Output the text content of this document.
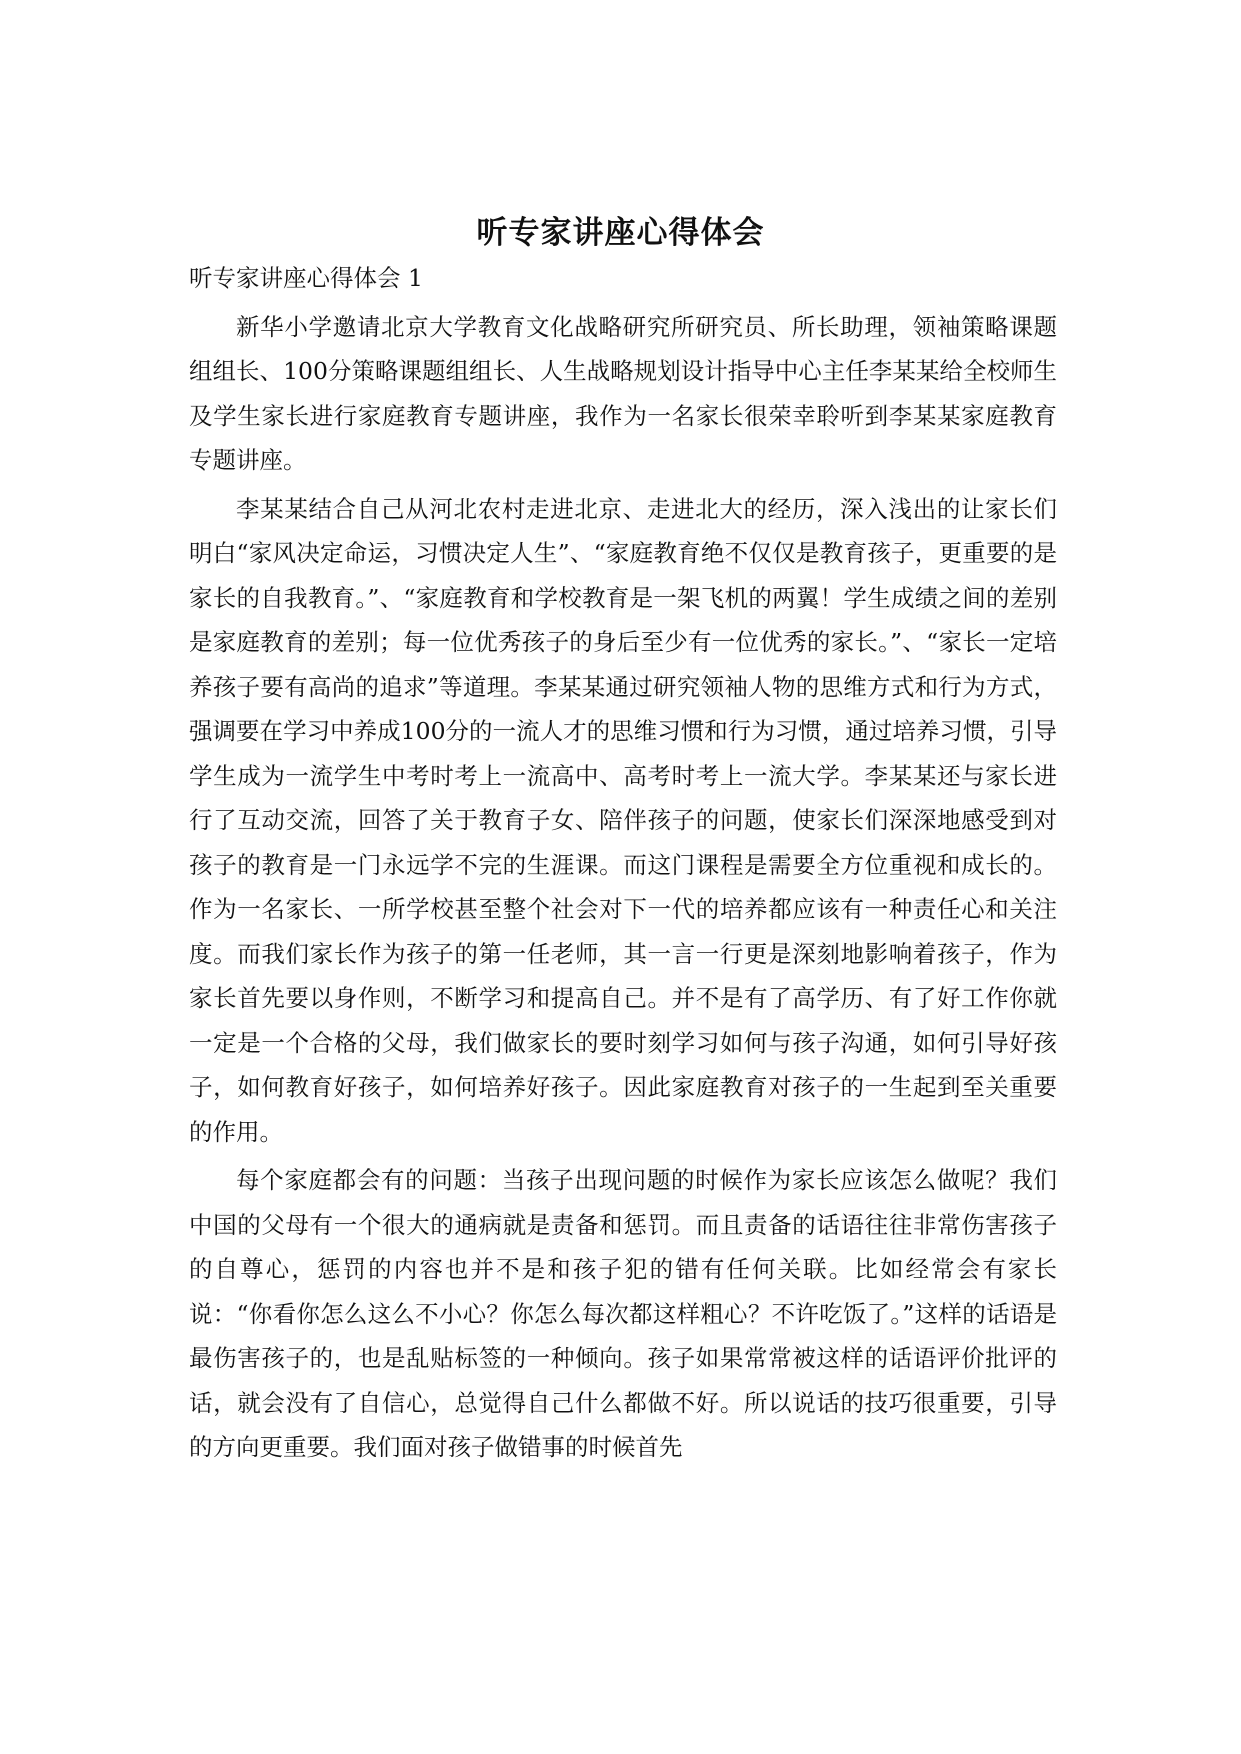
听专家讲座心得体会

听专家讲座心得体会 1

新华小学邀请北京大学教育文化战略研究所研究员、所长助理，领袖策略课题组组长、100分策略课题组组长、人生战略规划设计指导中心主任李某某给全校师生及学生家长进行家庭教育专题讲座，我作为一名家长很荣幸聆听到李某某家庭教育专题讲座。

李某某结合自己从河北农村走进北京、走进北大的经历，深入浅出的让家长们明白“家风决定命运，习惯决定人生”、“家庭教育绝不仅仅是教育孩子，更重要的是家长的自我教育。”、“家庭教育和学校教育是一架飞机的两翼！学生成绩之间的差别是家庭教育的差别；每一位优秀孩子的身后至少有一位优秀的家长。”、“家长一定培养孩子要有高尚的追求”等道理。李某某通过研究领袖人物的思维方式和行为方式，强调要在学习中养成100分的一流人才的思维习惯和行为习惯，通过培养习惯，引导学生成为一流学生中考时考上一流高中、高考时考上一流大学。李某某还与家长进行了互动交流，回答了关于教育子女、陪伴孩子的问题，使家长们深深地感受到对孩子的教育是一门永远学不完的生涯课。而这门课程是需要全方位重视和成长的。作为一名家长、一所学校甚至整个社会对下一代的培养都应该有一种责任心和关注度。而我们家长作为孩子的第一任老师，其一言一行更是深刻地影响着孩子，作为家长首先要以身作则，不断学习和提高自己。并不是有了高学历、有了好工作你就一定是一个合格的父母，我们做家长的要时刻学习如何与孩子沟通，如何引导好孩子，如何教育好孩子，如何培养好孩子。因此家庭教育对孩子的一生起到至关重要的作用。

每个家庭都会有的问题：当孩子出现问题的时候作为家长应该怎么做呢？我们中国的父母有一个很大的通病就是责备和惩罚。而且责备的话语往往非常伤害孩子的自尊心，惩罚的内容也并不是和孩子犯的错有任何关联。比如经常会有家长说：“你看你怎么这么不小心？你怎么每次都这样粗心？不许吃饭了。”这样的话语是最伤害孩子的，也是乱贴标签的一种倾向。孩子如果常常被这样的话语评价批评的话，就会没有了自信心，总觉得自己什么都做不好。所以说话的技巧很重要，引导的方向更重要。我们面对孩子做错事的时候首先
